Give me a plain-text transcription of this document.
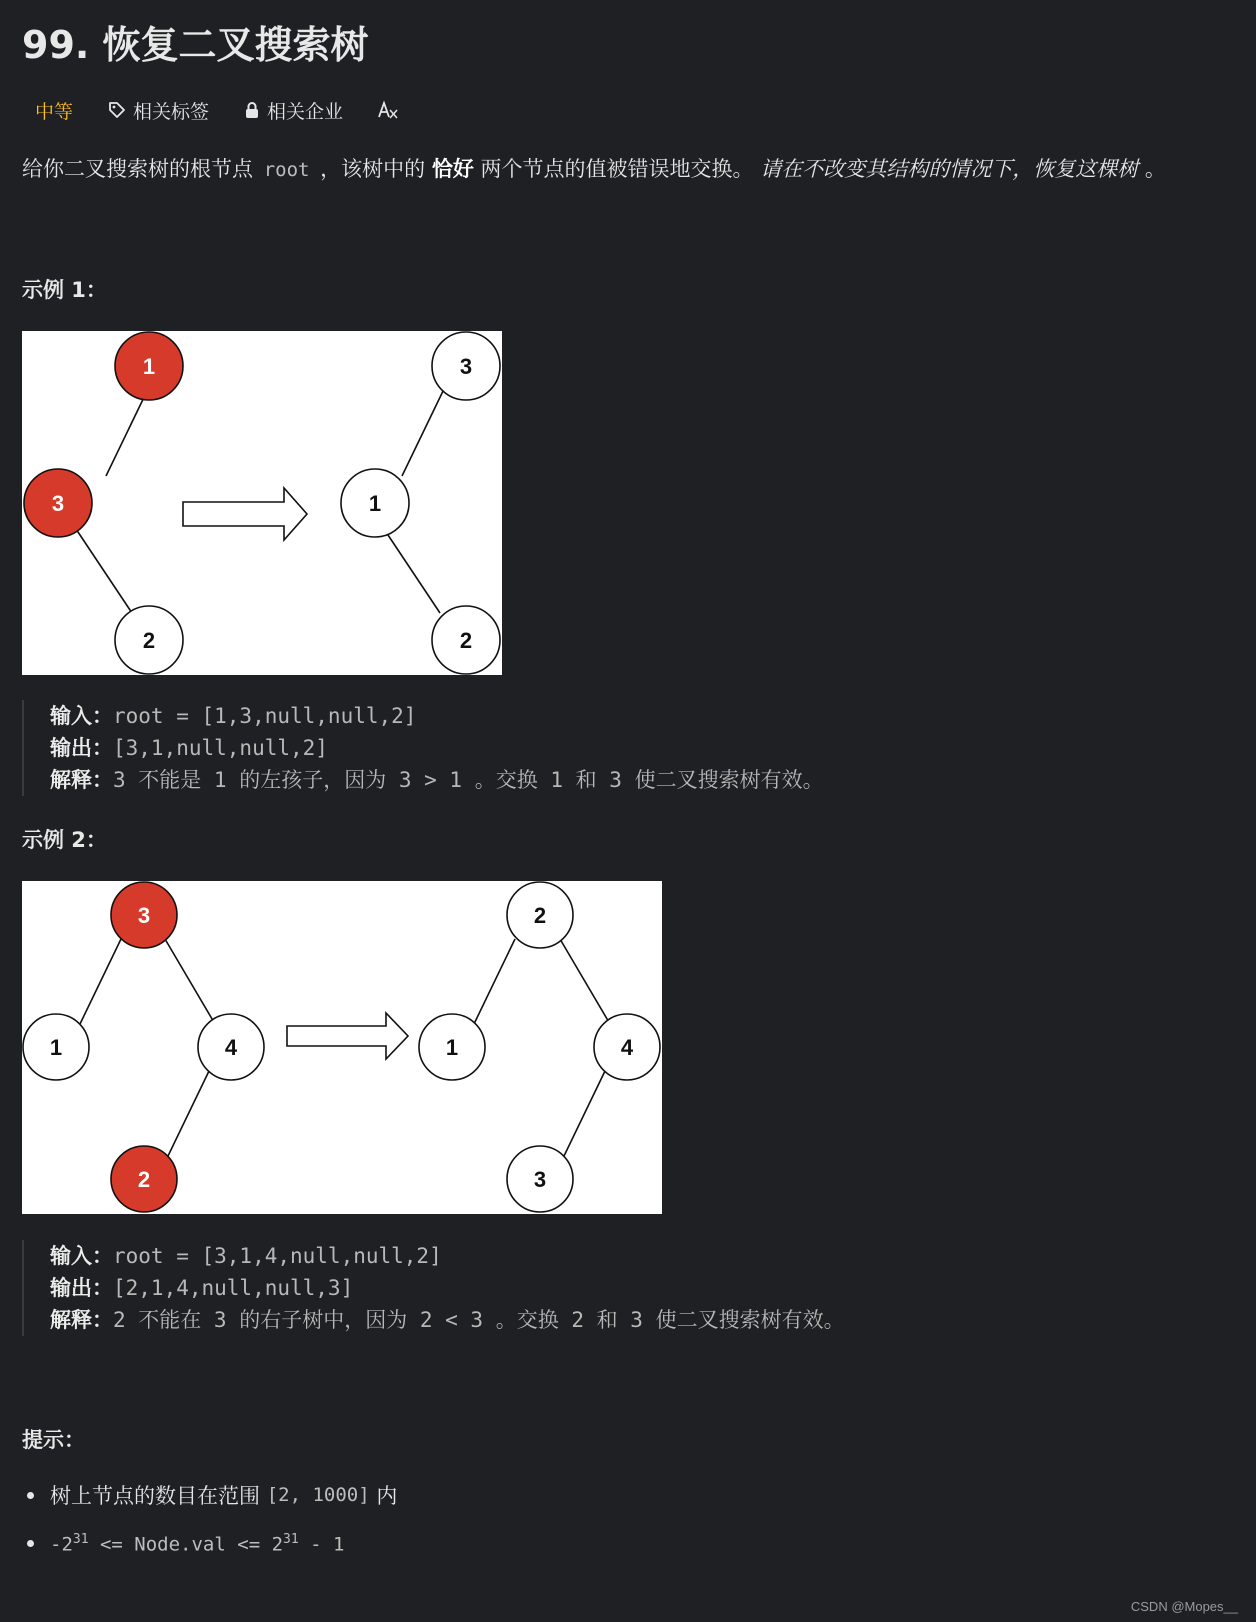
99. 恢复二叉搜索树
中等	相关标签	相关企业
给你二叉搜索树的根节点 root ，该树中的 恰好 两个节点的值被错误地交换。 请在不改变其结构的情况下，恢复这棵树 。
示例 1：
1
3
2
3
1
2
输入：root = [1,3,null,null,2]
输出：[3,1,null,null,2]
解释：3 不能是 1 的左孩子，因为 3 > 1 。交换 1 和 3 使二叉搜索树有效。
示例 2：
3
1	4
2
2
1	4
3
输入：root = [3,1,4,null,null,2]
输出：[2,1,4,null,null,3]
解释：2 不能在 3 的右子树中，因为 2 < 3 。交换 2 和 3 使二叉搜索树有效。
提示：
树上节点的数目在范围
[2, 1000]
内
$-2^{31}$ <= Node.val <= $2^{31} - 1$
CSDN @Mopes__
